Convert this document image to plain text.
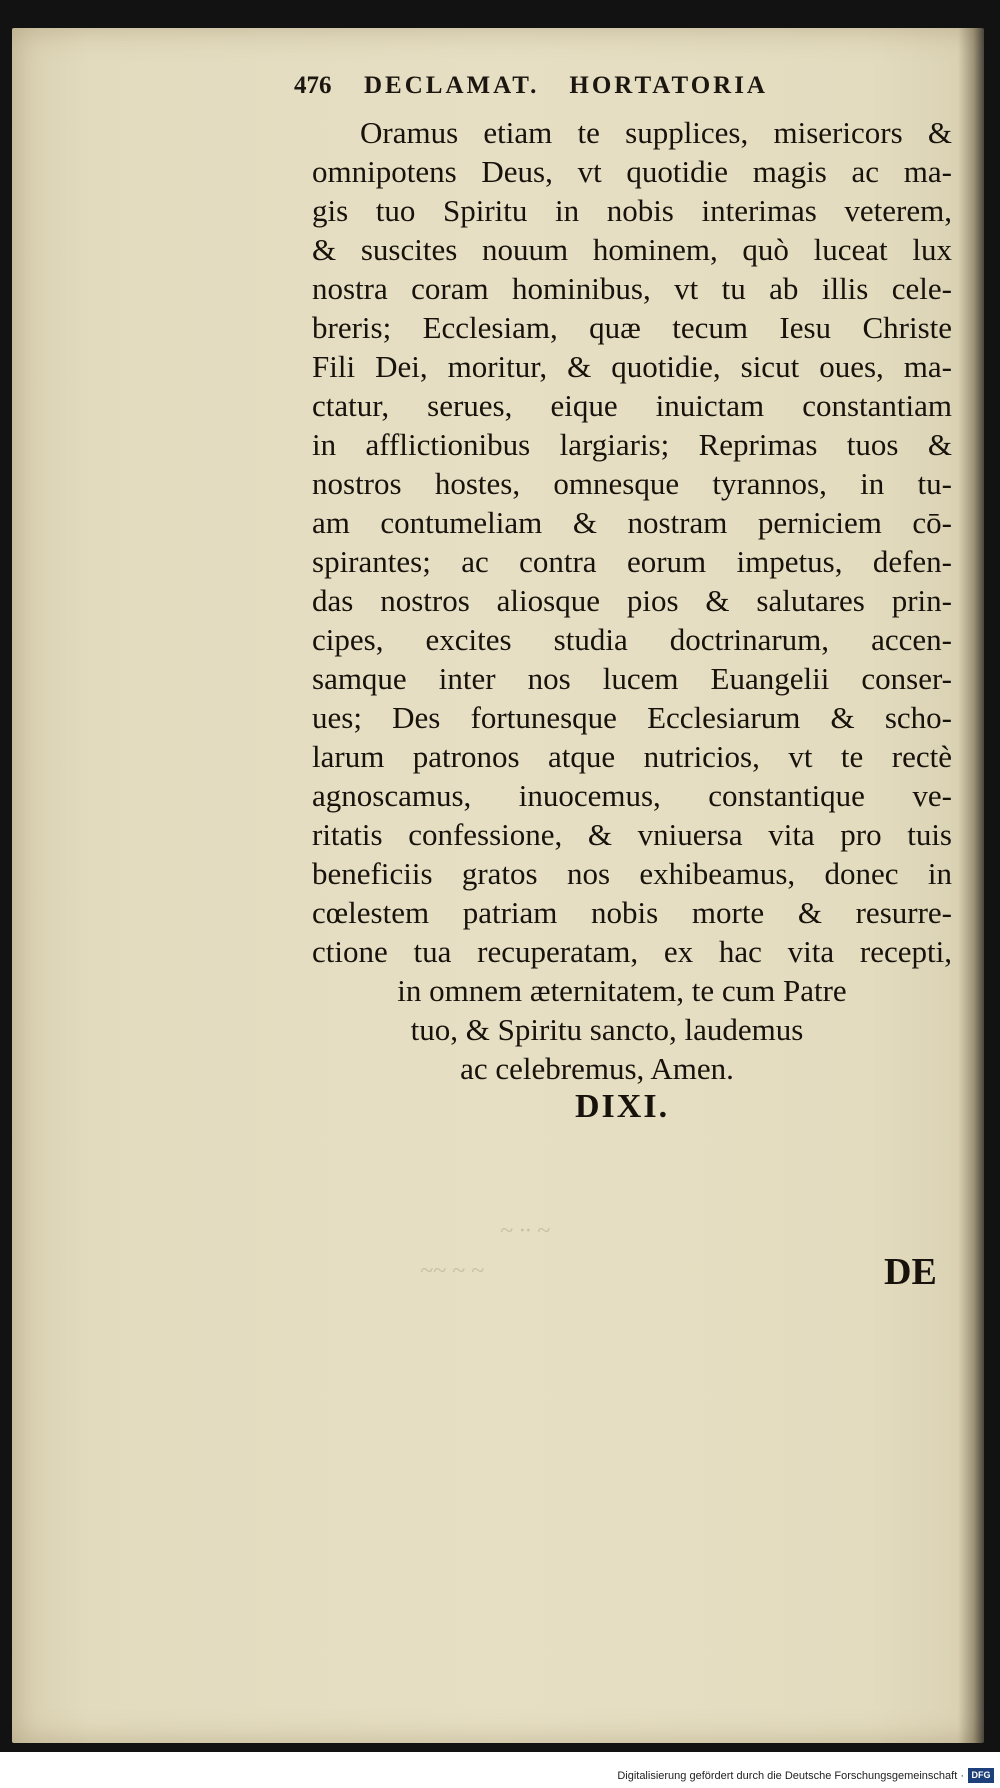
476 DECLAMAT. HORTATORIA
Oramus etiam te supplices, misericors &
omnipotens Deus, vt quotidie magis ac ma-
gis tuo Spiritu in nobis interimas veterem,
& suscites nouum hominem, quò luceat lux
nostra coram hominibus, vt tu ab illis cele-
breris; Ecclesiam, quæ tecum Iesu Christe
Fili Dei, moritur, & quotidie, sicut oues, ma-
ctatur, serues, eique inuictam constantiam
in afflictionibus largiaris; Reprimas tuos &
nostros hostes, omnesque tyrannos, in tu-
am contumeliam & nostram perniciem cō-
spirantes; ac contra eorum impetus, defen-
das nostros aliosque pios & salutares prin-
cipes, excites studia doctrinarum, accen-
samque inter nos lucem Euangelii conser-
ues; Des fortunesque Ecclesiarum & scho-
larum patronos atque nutricios, vt te rectè
agnoscamus, inuocemus, constantique ve-
ritatis confessione, & vniuersa vita pro tuis
beneficiis gratos nos exhibeamus, donec in
cœlestem patriam nobis morte & resurre-
ctione tua recuperatam, ex hac vita recepti,
in omnem æternitatem, te cum Patre
tuo, & Spiritu sancto, laudemus
ac celebremus, Amen.
DIXI.
DE
~ ·· ~
~~ ~ ~
Digitalisierung gefördert durch die Deutsche Forschungsgemeinschaft · DFG
